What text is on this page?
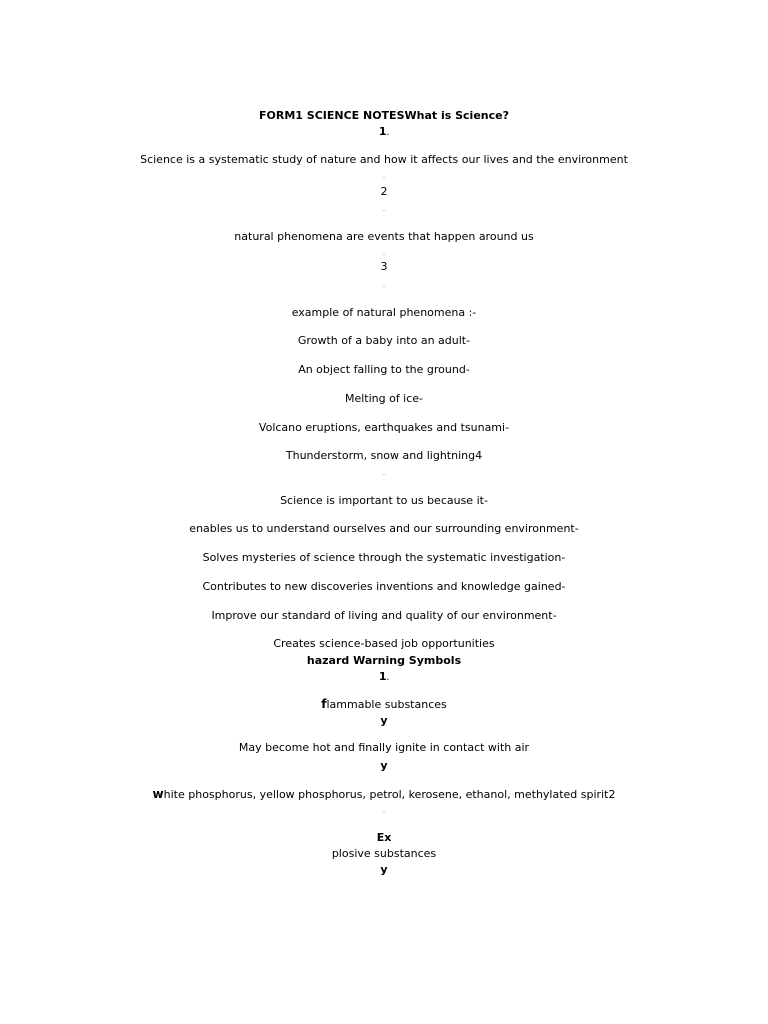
FORM1 SCIENCE NOTESWhat is Science?
1.
Science is a systematic study of nature and how it affects our lives and the environment
.
2
.
natural phenomena are events that happen around us
.
3
.
example of natural phenomena :-
Growth of a baby into an adult-
An object falling to the ground-
Melting of ice-
Volcano eruptions, earthquakes and tsunami-
Thunderstorm, snow and lightning4
.
Science is important to us because it-
enables us to understand ourselves and our surrounding environment-
Solves mysteries of science through the systematic investigation-
Contributes to new discoveries inventions and knowledge gained-
Improve our standard of living and quality of our environment-
Creates science-based job opportunities
hazard Warning Symbols
1.
flammable substances
y
May become hot and finally ignite in contact with air
y
white phosphorus, yellow phosphorus, petrol, kerosene, ethanol, methylated spirit2
.
Ex
plosive substances
y
